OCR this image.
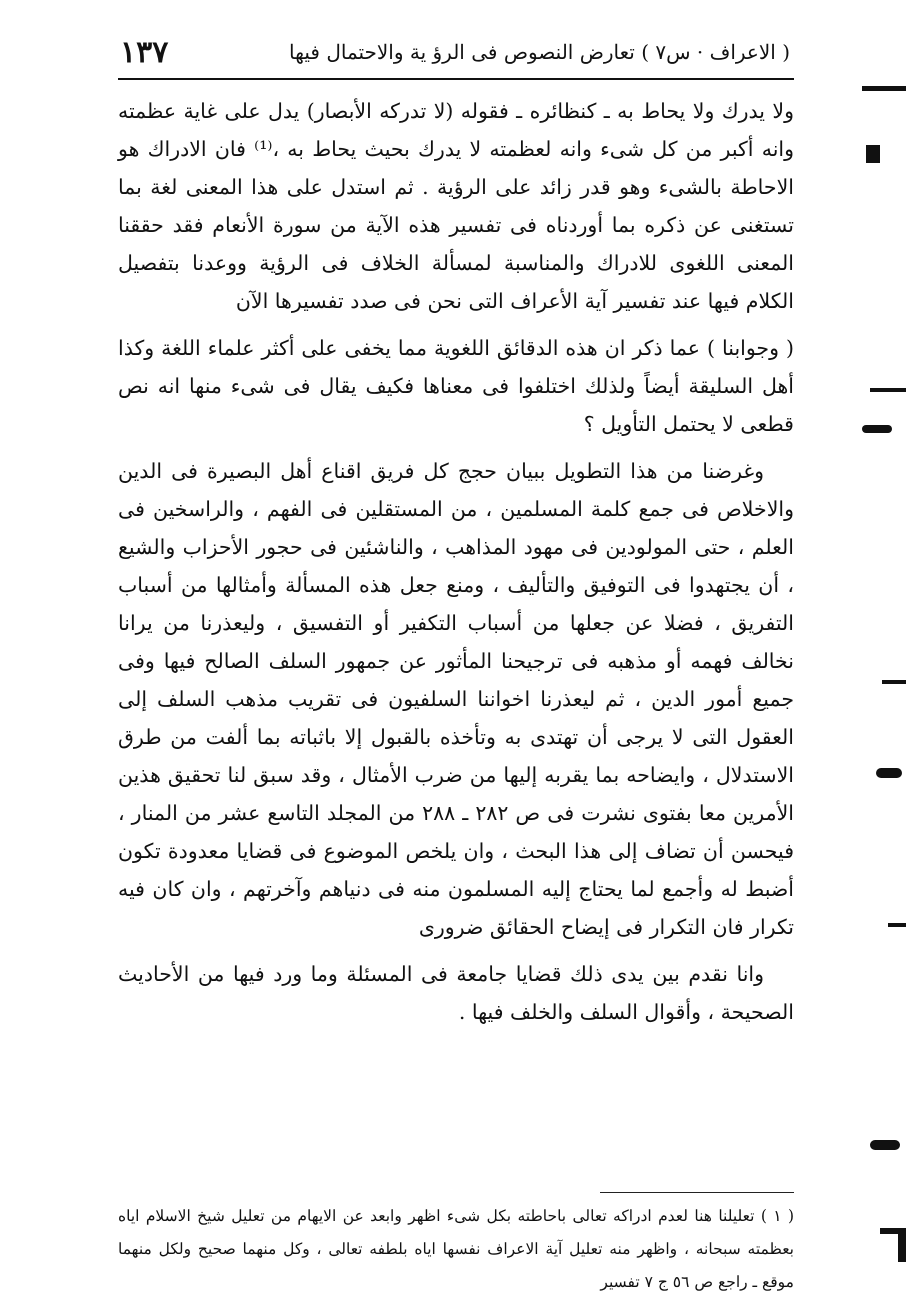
( الاعراف · س٧ ) تعارض النصوص فى الرؤ ية والاحتمال فيها
١٣٧

ولا يدرك ولا يحاط به ـ كنظائره ـ فقوله (لا تدركه الأبصار) يدل على غاية عظمته وانه أكبر من كل شىء وانه لعظمته لا يدرك بحيث يحاط به ،⁽¹⁾ فان الادراك هو الاحاطة بالشىء وهو قدر زائد على الرؤية . ثم استدل على هذا المعنى لغة بما تستغنى عن ذكره بما أوردناه فى تفسير هذه الآية من سورة الأنعام فقد حققنا المعنى اللغوى للادراك والمناسبة لمسألة الخلاف فى الرؤية ووعدنا بتفصيل الكلام فيها عند تفسير آية الأعراف التى نحن فى صدد تفسيرها الآن

( وجوابنا ) عما ذكر ان هذه الدقائق اللغوية مما يخفى على أكثر علماء اللغة وكذا أهل السليقة أيضاً ولذلك اختلفوا فى معناها فكيف يقال فى شىء منها انه نص قطعى لا يحتمل التأويل ؟

وغرضنا من هذا التطويل ببيان حجج كل فريق اقناع أهل البصيرة فى الدين والاخلاص فى جمع كلمة المسلمين ، من المستقلين فى الفهم ، والراسخين فى العلم ، حتى المولودين فى مهود المذاهب ، والناشئين فى حجور الأحزاب والشيع ، أن يجتهدوا فى التوفيق والتأليف ، ومنع جعل هذه المسألة وأمثالها من أسباب التفريق ، فضلا عن جعلها من أسباب التكفير أو التفسيق ، وليعذرنا من يرانا نخالف فهمه أو مذهبه فى ترجيحنا المأثور عن جمهور السلف الصالح فيها وفى جميع أمور الدين ، ثم ليعذرنا اخواننا السلفيون فى تقريب مذهب السلف إلى العقول التى لا يرجى أن تهتدى به وتأخذه بالقبول إلا باثباته بما ألفت من طرق الاستدلال ، وايضاحه بما يقربه إليها من ضرب الأمثال ، وقد سبق لنا تحقيق هذين الأمرين معا بفتوى نشرت فى ص ٢٨٢ ـ ٢٨٨ من المجلد التاسع عشر من المنار ، فيحسن أن تضاف إلى هذا البحث ، وان يلخص الموضوع فى قضايا معدودة تكون أضبط له وأجمع لما يحتاج إليه المسلمون منه فى دنياهم وآخرتهم ، وان كان فيه تكرار فان التكرار فى إيضاح الحقائق ضرورى

وانا نقدم بين يدى ذلك قضايا جامعة فى المسئلة وما ورد فيها من الأحاديث الصحيحة ، وأقوال السلف والخلف فيها .

( ١ ) تعليلنا هنا لعدم ادراكه تعالى باحاطته بكل شىء اظهر وابعد عن الايهام من تعليل شيخ الاسلام اياه بعظمته سبحانه ، واظهر منه تعليل آية الاعراف نفسها اياه بلطفه تعالى ، وكل منهما صحيح ولكل منهما موقع ـ راجع ص ٥٦ ج ٧ تفسير
